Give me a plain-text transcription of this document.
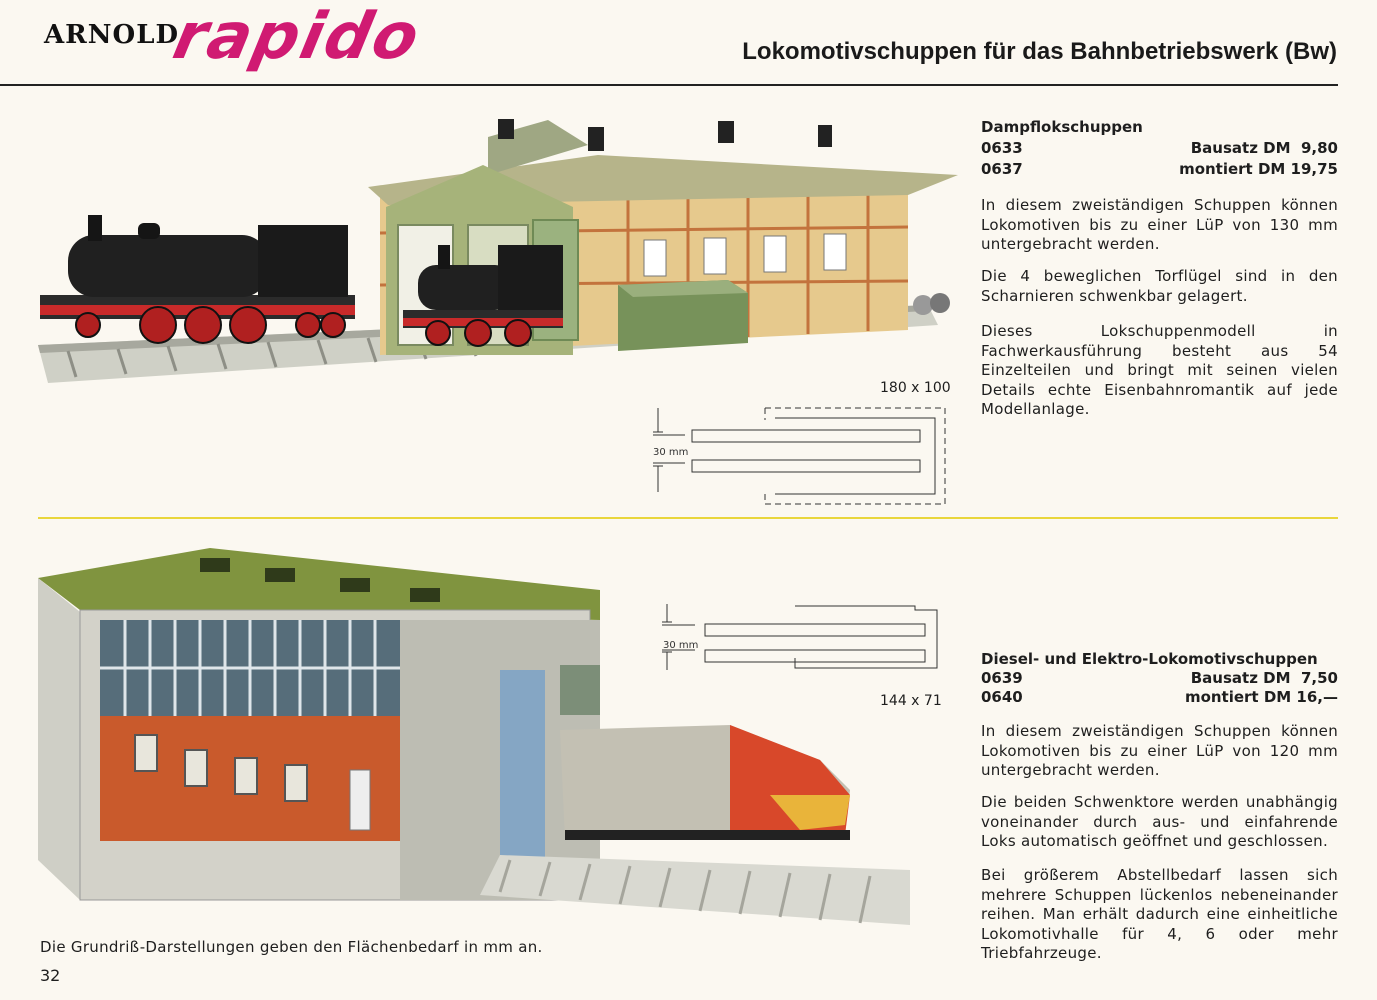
ARNOLD
rapido	Lokomotivschuppen für das Bahnbetriebswerk (Bw)
180 x 100
30 mm
Dampflokschuppen
0633	Bausatz DM  9,80
0637	montiert DM 19,75
In diesem zweiständigen Schuppen können Lokomotiven bis zu einer LüP von 130 mm untergebracht werden.
Die 4 beweglichen Torflügel sind in den Scharnieren schwenkbar gelagert.
Dieses Lokschuppenmodell in Fachwerkausführung besteht aus 54 Einzelteilen und bringt mit seinen vielen Details echte Eisenbahnromantik auf jede Modellanlage.
30 mm
144 x 71
Diesel- und Elektro-Lokomotivschuppen
0639	Bausatz DM  7,50
0640	montiert DM 16,—
In diesem zweiständigen Schuppen können Lokomotiven bis zu einer LüP von 120 mm untergebracht werden.
Die beiden Schwenktore werden unabhängig voneinander durch aus- und einfahrende Loks automatisch geöffnet und geschlossen.
Bei größerem Abstellbedarf lassen sich mehrere Schuppen lückenlos nebeneinander reihen. Man erhält dadurch eine einheitliche Lokomotivhalle für 4, 6 oder mehr Triebfahrzeuge.
Die Grundriß-Darstellungen geben den Flächenbedarf in mm an.
32
